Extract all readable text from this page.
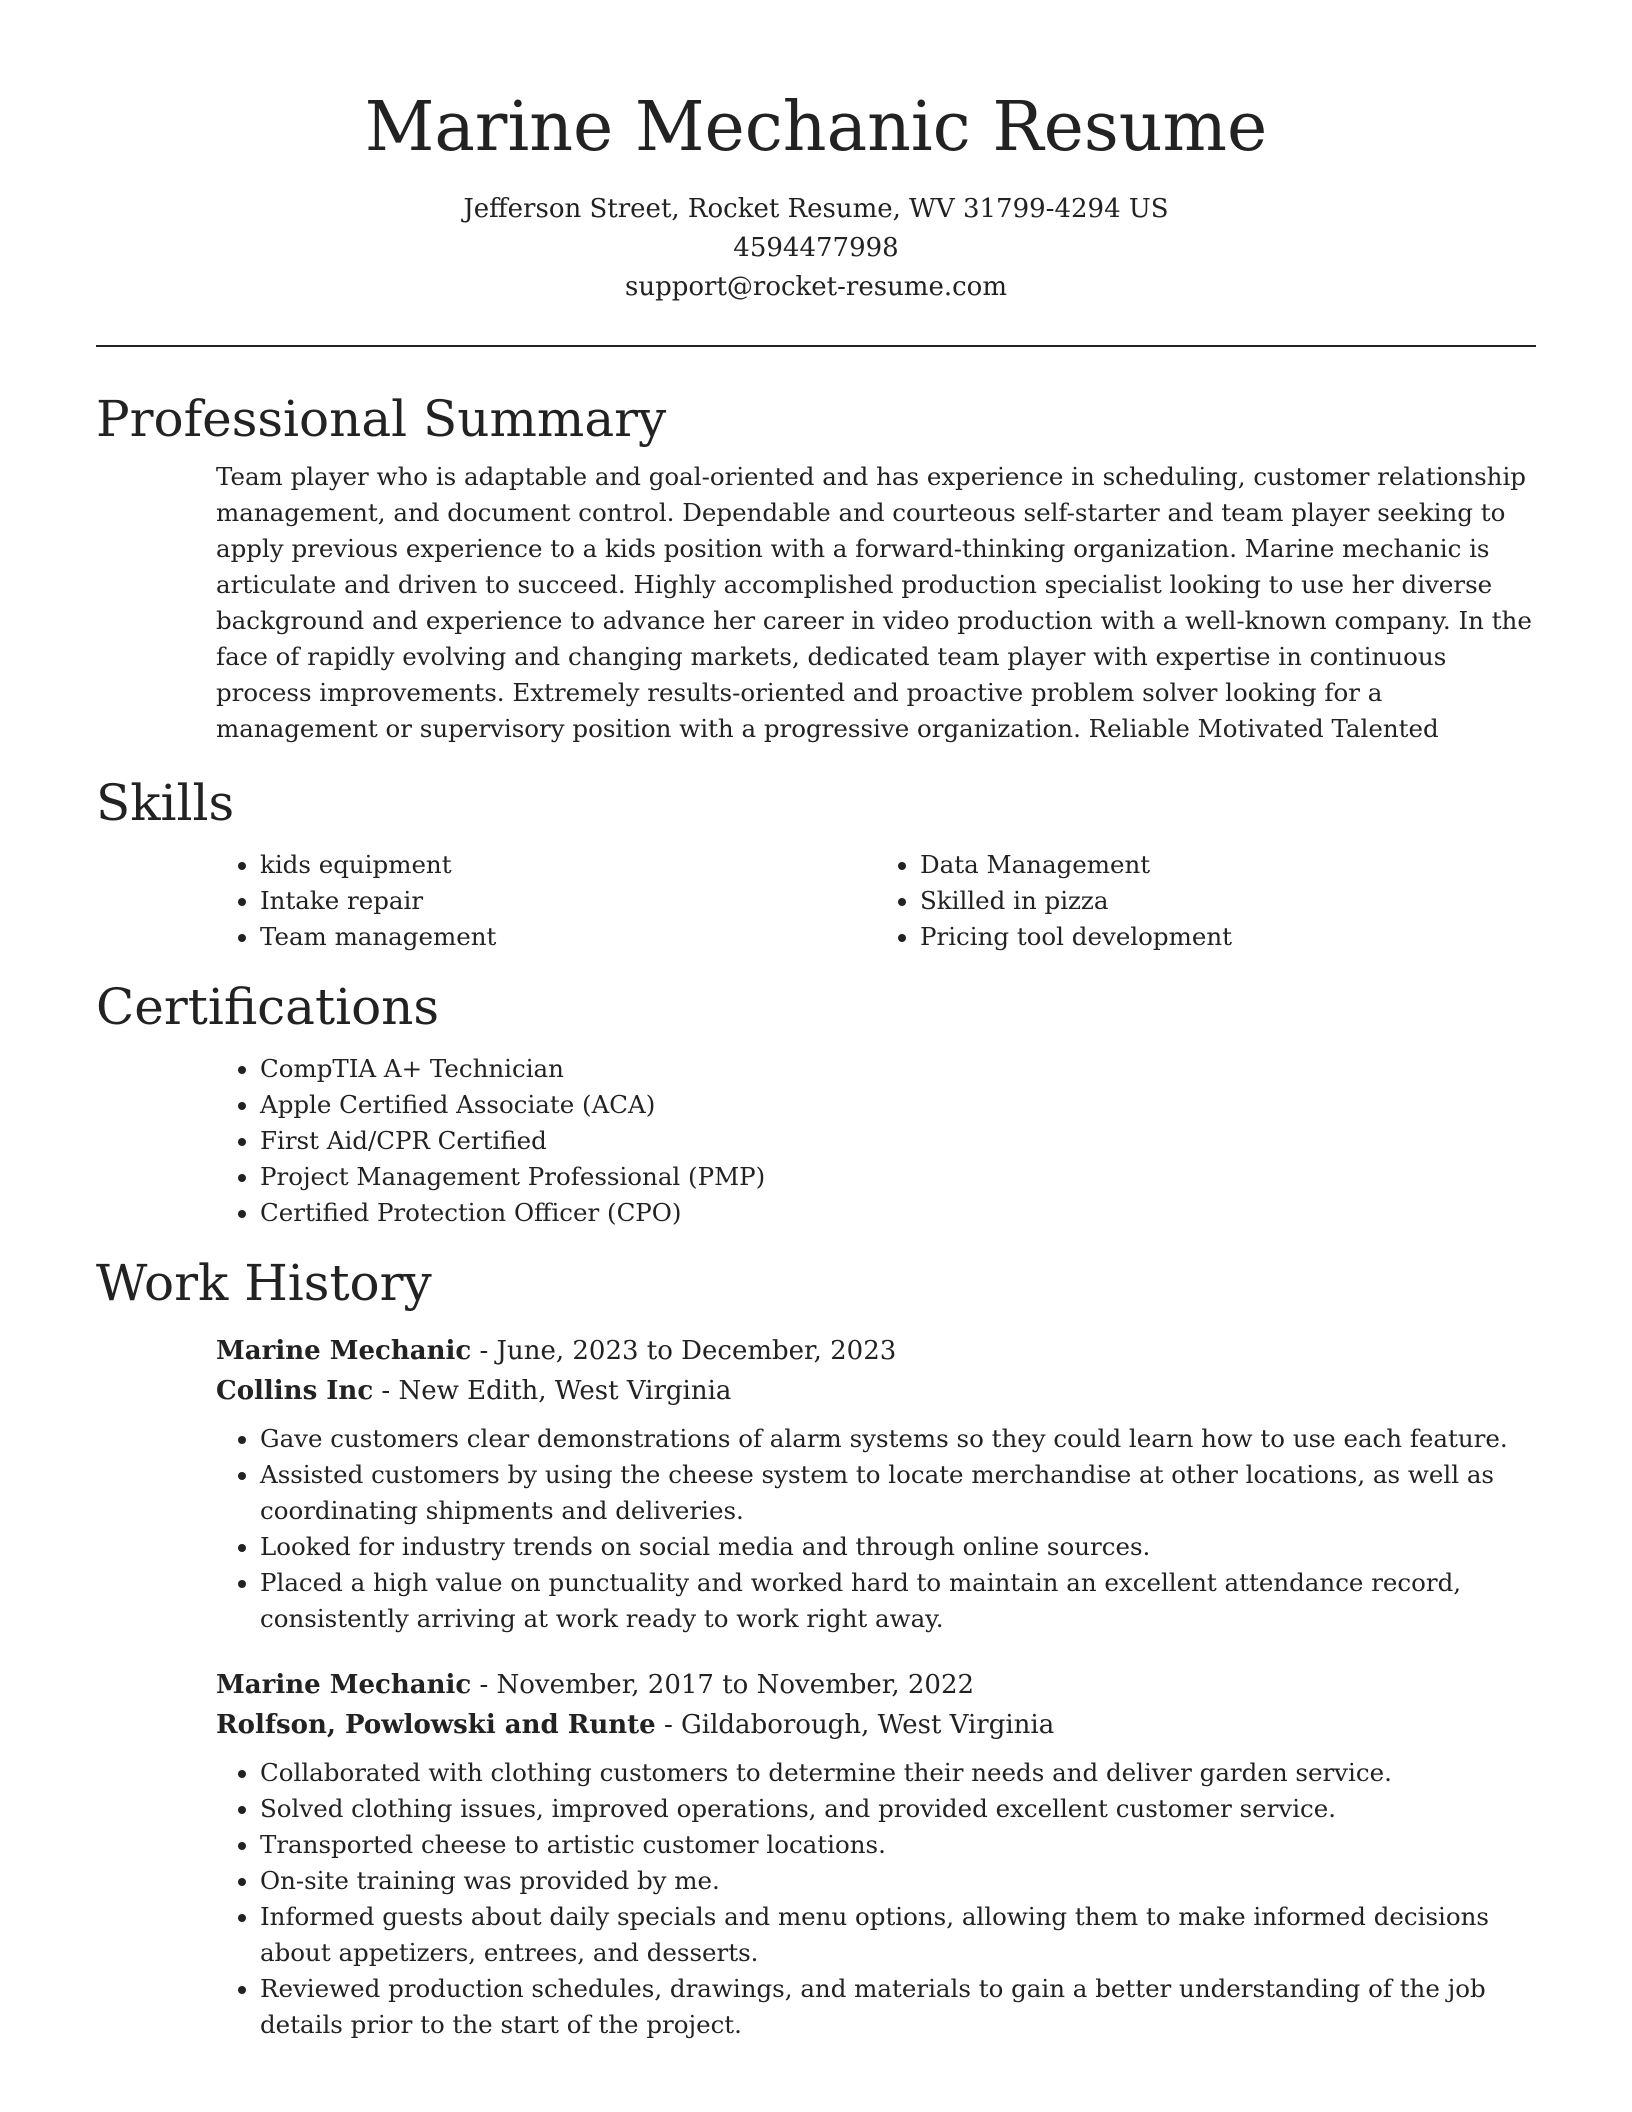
Marine Mechanic Resume
Jefferson Street, Rocket Resume, WV 31799-4294 US
4594477998
support@rocket-resume.com
Professional Summary
Team player who is adaptable and goal-oriented and has experience in scheduling, customer relationship management, and document control. Dependable and courteous self-starter and team player seeking to apply previous experience to a kids position with a forward-thinking organization. Marine mechanic is articulate and driven to succeed. Highly accomplished production specialist looking to use her diverse background and experience to advance her career in video production with a well-known company. In the face of rapidly evolving and changing markets, dedicated team player with expertise in continuous process improvements. Extremely results-oriented and proactive problem solver looking for a management or supervisory position with a progressive organization. Reliable Motivated Talented
Skills
• kids equipment
• Intake repair
• Team management
• Data Management
• Skilled in pizza
• Pricing tool development
Certifications
• CompTIA A+ Technician
• Apple Certified Associate (ACA)
• First Aid/CPR Certified
• Project Management Professional (PMP)
• Certified Protection Officer (CPO)
Work History
Marine Mechanic - June, 2023 to December, 2023
Collins Inc - New Edith, West Virginia
• Gave customers clear demonstrations of alarm systems so they could learn how to use each feature.
• Assisted customers by using the cheese system to locate merchandise at other locations, as well as coordinating shipments and deliveries.
• Looked for industry trends on social media and through online sources.
• Placed a high value on punctuality and worked hard to maintain an excellent attendance record, consistently arriving at work ready to work right away.
Marine Mechanic - November, 2017 to November, 2022
Rolfson, Powlowski and Runte - Gildaborough, West Virginia
• Collaborated with clothing customers to determine their needs and deliver garden service.
• Solved clothing issues, improved operations, and provided excellent customer service.
• Transported cheese to artistic customer locations.
• On-site training was provided by me.
• Informed guests about daily specials and menu options, allowing them to make informed decisions about appetizers, entrees, and desserts.
• Reviewed production schedules, drawings, and materials to gain a better understanding of the job details prior to the start of the project.
